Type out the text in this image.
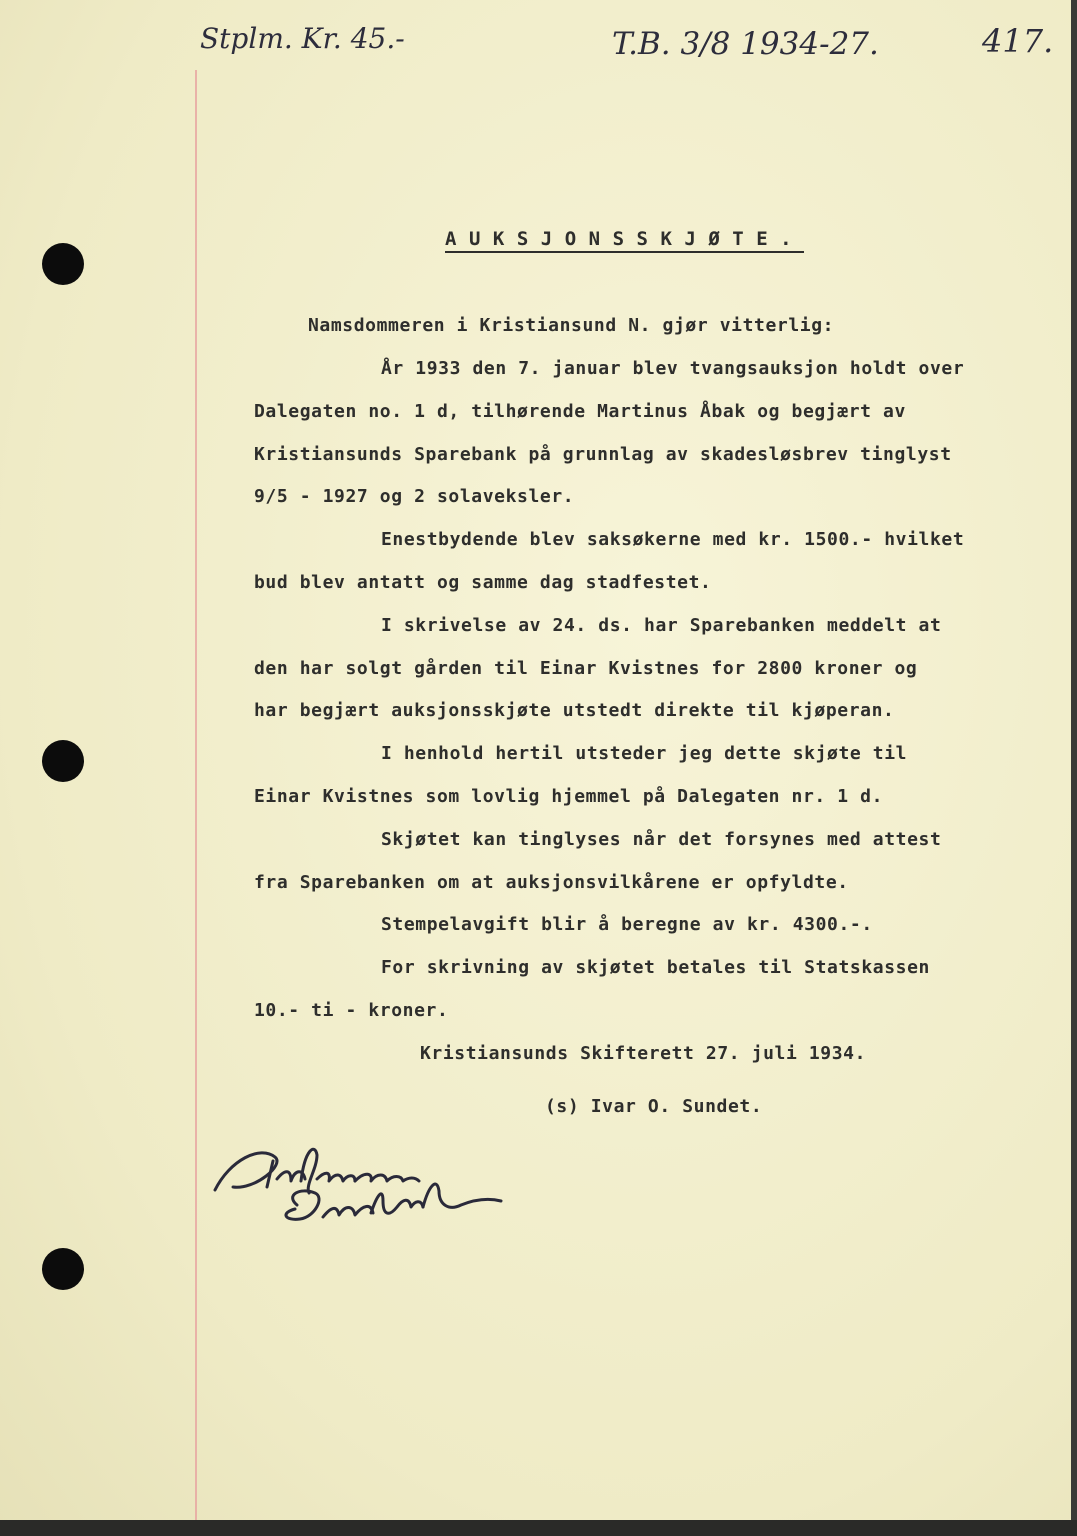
Stplm. Kr. 45.-	T.B. 3/8 1934-27.	417.
AUKSJONSSKJØTE.
Namsdommeren i Kristiansund N. gjør vitterlig:
År 1933 den 7. januar blev tvangsauksjon holdt over
Dalegaten no. 1 d, tilhørende Martinus Åbak og begjært av
Kristiansunds Sparebank på grunnlag av skadesløsbrev tinglyst
9/5 - 1927 og 2 solaveksler.
Enestbydende blev saksøkerne med kr. 1500.- hvilket
bud blev antatt og samme dag stadfestet.
I skrivelse av 24. ds. har Sparebanken meddelt at
den har solgt gården til Einar Kvistnes for 2800 kroner og
har begjært auksjonsskjøte utstedt direkte til kjøperan.
I henhold hertil utsteder jeg dette skjøte til
Einar Kvistnes som lovlig hjemmel på Dalegaten nr. 1 d.
Skjøtet kan tinglyses når det forsynes med attest
fra Sparebanken om at auksjonsvilkårene er opfyldte.
Stempelavgift blir å beregne av kr. 4300.-.
For skrivning av skjøtet betales til Statskassen
10.- ti - kroner.
Kristiansunds Skifterett 27. juli 1934.
(s) Ivar O. Sundet.
